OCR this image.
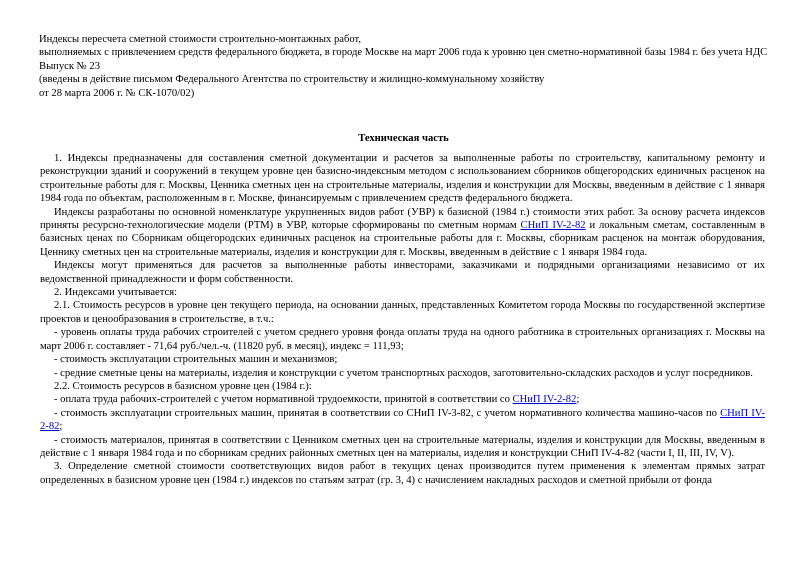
Индексы пересчета сметной стоимости строительно-монтажных работ,
выполняемых с привлечением средств федерального бюджета, в городе Москве на март 2006 года к уровню цен сметно-нормативной базы 1984 г. без учета НДС
Выпуск № 23
(введены в действие письмом Федерального Агентства по строительству и жилищно-коммунальному хозяйству
от 28 марта 2006 г. № СК-1070/02)
Техническая часть

1. Индексы предназначены для составления сметной документации и расчетов за выполненные работы по строительству, капитальному ремонту и реконструкции зданий и сооружений в текущем уровне цен базисно-индексным методом с использованием сборников общегородских единичных расценок на строительные работы для г. Москвы, Ценника сметных цен на строительные материалы, изделия и конструкции для Москвы, введенным в действие с 1 января 1984 года по объектам, расположенным в г. Москве, финансируемым с привлечением средств федерального бюджета.

Индексы разработаны по основной номенклатуре укрупненных видов работ (УВР) к базисной (1984 г.) стоимости этих работ. За основу расчета индексов приняты ресурсно-технологические модели (РТМ) в УВР, которые сформированы по сметным нормам СНиП IV-2-82 и локальным сметам, составленным в базисных ценах по Сборникам общегородских единичных расценок на строительные работы для г. Москвы, сборникам расценок на монтаж оборудования, Ценнику сметных цен на строительные материалы, изделия и конструкции для г. Москвы, введенным в действие с 1 января 1984 года.

Индексы могут применяться для расчетов за выполненные работы инвесторами, заказчиками и подрядными организациями независимо от их ведомственной принадлежности и форм собственности.

2. Индексами учитывается:

2.1. Стоимость ресурсов в уровне цен текущего периода, на основании данных, представленных Комитетом города Москвы по государственной экспертизе проектов и ценообразования в строительстве, в т.ч.:

- уровень оплаты труда рабочих строителей с учетом среднего уровня фонда оплаты труда на одного работника в строительных организациях г. Москвы на март 2006 г. составляет - 71,64 руб./чел.-ч. (11820 руб. в месяц), индекс = 111,93;

- стоимость эксплуатации строительных машин и механизмов;

- средние сметные цены на материалы, изделия и конструкции с учетом транспортных расходов, заготовительно-складских расходов и услуг посредников.

2.2. Стоимость ресурсов в базисном уровне цен (1984 г.):

- оплата труда рабочих-строителей с учетом нормативной трудоемкости, принятой в соответствии со СНиП IV-2-82;

- стоимость эксплуатации строительных машин, принятая в соответствии со СНиП IV-3-82, с учетом нормативного количества машино-часов по СНиП IV-2-82;

- стоимость материалов, принятая в соответствии с Ценником сметных цен на строительные материалы, изделия и конструкции для Москвы, введенным в действие с 1 января 1984 года и по сборникам средних районных сметных цен на материалы, изделия и конструкции СНиП IV-4-82 (части I, II, III, IV, V).

3. Определение сметной стоимости соответствующих видов работ в текущих ценах производится путем применения к элементам прямых затрат определенных в базисном уровне цен (1984 г.) индексов по статьям затрат (гр. 3, 4) с начислением накладных расходов и сметной прибыли от фонда
